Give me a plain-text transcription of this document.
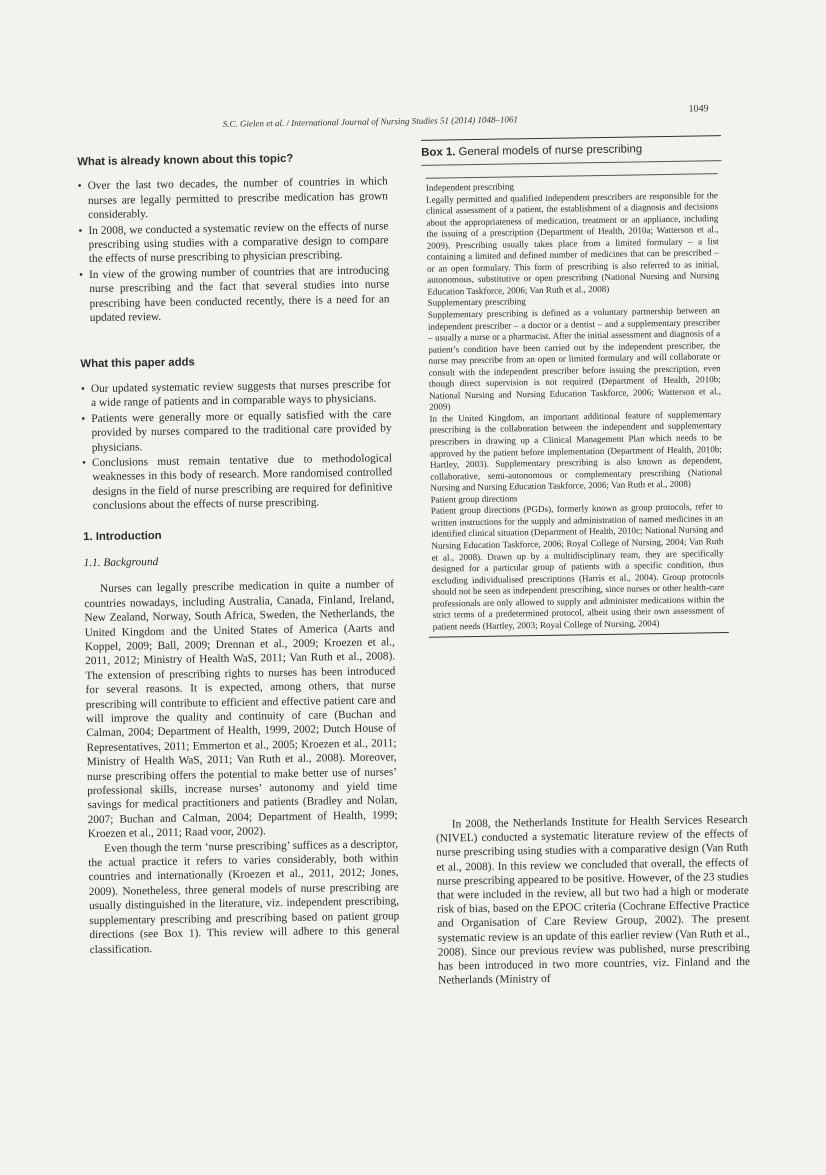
S.C. Gielen et al. / International Journal of Nursing Studies 51 (2014) 1048–1061
1049
What is already known about this topic?
• Over the last two decades, the number of countries in which nurses are legally permitted to prescribe medication has grown considerably.
• In 2008, we conducted a systematic review on the effects of nurse prescribing using studies with a comparative design to compare the effects of nurse prescribing to physician prescribing.
• In view of the growing number of countries that are introducing nurse prescribing and the fact that several studies into nurse prescribing have been conducted recently, there is a need for an updated review.
What this paper adds
• Our updated systematic review suggests that nurses prescribe for a wide range of patients and in comparable ways to physicians.
• Patients were generally more or equally satisfied with the care provided by nurses compared to the traditional care provided by physicians.
• Conclusions must remain tentative due to methodological weaknesses in this body of research. More randomised controlled designs in the field of nurse prescribing are required for definitive conclusions about the effects of nurse prescribing.
1. Introduction
1.1. Background

Nurses can legally prescribe medication in quite a number of countries nowadays, including Australia, Canada, Finland, Ireland, New Zealand, Norway, South Africa, Sweden, the Netherlands, the United Kingdom and the United States of America (Aarts and Koppel, 2009; Ball, 2009; Drennan et al., 2009; Kroezen et al., 2011, 2012; Ministry of Health WaS, 2011; Van Ruth et al., 2008). The extension of prescribing rights to nurses has been introduced for several reasons. It is expected, among others, that nurse prescribing will contribute to efficient and effective patient care and will improve the quality and continuity of care (Buchan and Calman, 2004; Department of Health, 1999, 2002; Dutch House of Representatives, 2011; Emmerton et al., 2005; Kroezen et al., 2011; Ministry of Health WaS, 2011; Van Ruth et al., 2008). Moreover, nurse prescribing offers the potential to make better use of nurses’ professional skills, increase nurses’ autonomy and yield time savings for medical practitioners and patients (Bradley and Nolan, 2007; Buchan and Calman, 2004; Department of Health, 1999; Kroezen et al., 2011; Raad voor, 2002).

Even though the term ‘nurse prescribing’ suffices as a descriptor, the actual practice it refers to varies considerably, both within countries and internationally (Kroezen et al., 2011, 2012; Jones, 2009). Nonetheless, three general models of nurse prescribing are usually distinguished in the literature, viz. independent prescribing, supplementary prescribing and prescribing based on patient group directions (see Box 1). This review will adhere to this general classification.

Box 1. General models of nurse prescribing

Independent prescribing

Legally permitted and qualified independent prescribers are responsible for the clinical assessment of a patient, the establishment of a diagnosis and decisions about the appropriateness of medication, treatment or an appliance, including the issuing of a prescription (Department of Health, 2010a; Watterson et al., 2009). Prescribing usually takes place from a limited formulary – a list containing a limited and defined number of medicines that can be prescribed – or an open formulary. This form of prescribing is also referred to as initial, autonomous, substitutive or open prescribing (National Nursing and Nursing Education Taskforce, 2006; Van Ruth et al., 2008)

Supplementary prescribing

Supplementary prescribing is defined as a voluntary partnership between an independent prescriber – a doctor or a dentist – and a supplementary prescriber – usually a nurse or a pharmacist. After the initial assessment and diagnosis of a patient’s condition have been carried out by the independent prescriber, the nurse may prescribe from an open or limited formulary and will collaborate or consult with the independent prescriber before issuing the prescription, even though direct supervision is not required (Department of Health, 2010b; National Nursing and Nursing Education Taskforce, 2006; Watterson et al., 2009)

In the United Kingdom, an important additional feature of supplementary prescribing is the collaboration between the independent and supplementary prescribers in drawing up a Clinical Management Plan which needs to be approved by the patient before implementation (Department of Health, 2010b; Hartley, 2003). Supplementary prescribing is also known as dependent, collaborative, semi-autonomous or complementary prescribing (National Nursing and Nursing Education Taskforce, 2006; Van Ruth et al., 2008)

Patient group directions

Patient group directions (PGDs), formerly known as group protocols, refer to written instructions for the supply and administration of named medicines in an identified clinical situation (Department of Health, 2010c; National Nursing and Nursing Education Taskforce, 2006; Royal College of Nursing, 2004; Van Ruth et al., 2008). Drawn up by a multidisciplinary team, they are specifically designed for a particular group of patients with a specific condition, thus excluding individualised prescriptions (Harris et al., 2004). Group protocols should not be seen as independent prescribing, since nurses or other health-care professionals are only allowed to supply and administer medications within the strict terms of a predetermined protocol, albeit using their own assessment of patient needs (Hartley, 2003; Royal College of Nursing, 2004)

In 2008, the Netherlands Institute for Health Services Research (NIVEL) conducted a systematic literature review of the effects of nurse prescribing using studies with a comparative design (Van Ruth et al., 2008). In this review we concluded that overall, the effects of nurse prescribing appeared to be positive. However, of the 23 studies that were included in the review, all but two had a high or moderate risk of bias, based on the EPOC criteria (Cochrane Effective Practice and Organisation of Care Review Group, 2002). The present systematic review is an update of this earlier review (Van Ruth et al., 2008). Since our previous review was published, nurse prescribing has been introduced in two more countries, viz. Finland and the Netherlands (Ministry of
